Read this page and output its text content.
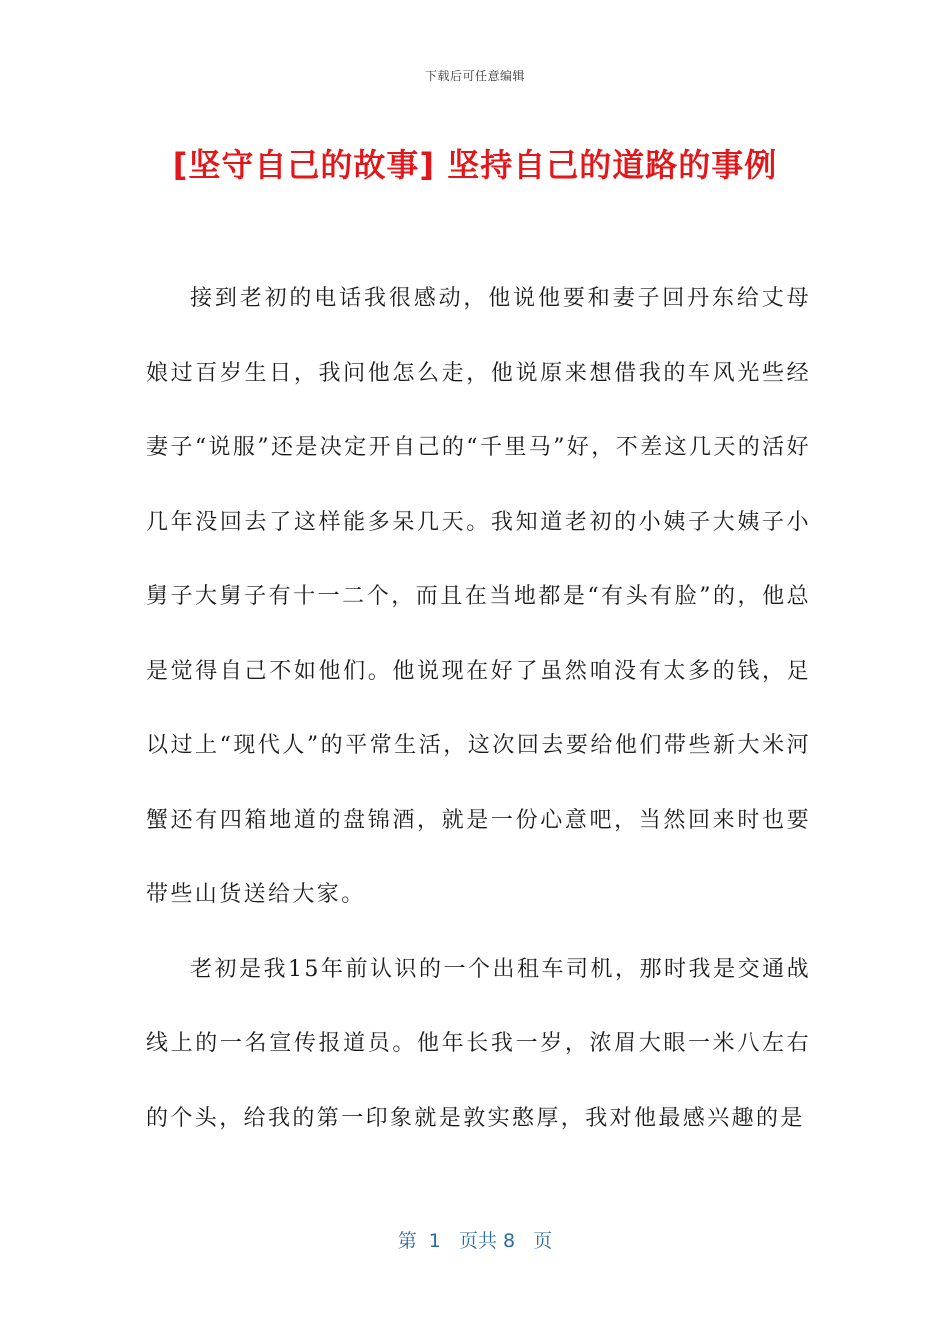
下载后可任意编辑
[坚守自己的故事] 坚持自己的道路的事例

接到老初的电话我很感动，他说他要和妻子回丹东给丈母娘过百岁生日，我问他怎么走，他说原来想借我的车风光些经妻子“说服”还是决定开自己的“千里马”好，不差这几天的活好几年没回去了这样能多呆几天。我知道老初的小姨子大姨子小舅子大舅子有十一二个，而且在当地都是“有头有脸”的，他总是觉得自己不如他们。他说现在好了虽然咱没有太多的钱，足以过上“现代人”的平常生活，这次回去要给他们带些新大米河蟹还有四箱地道的盘锦酒，就是一份心意吧，当然回来时也要带些山货送给大家。

老初是我15年前认识的一个出租车司机，那时我是交通战线上的一名宣传报道员。他年长我一岁，浓眉大眼一米八左右的个头，给我的第一印象就是敦实憨厚，我对他最感兴趣的是

第  1   页共 8   页
